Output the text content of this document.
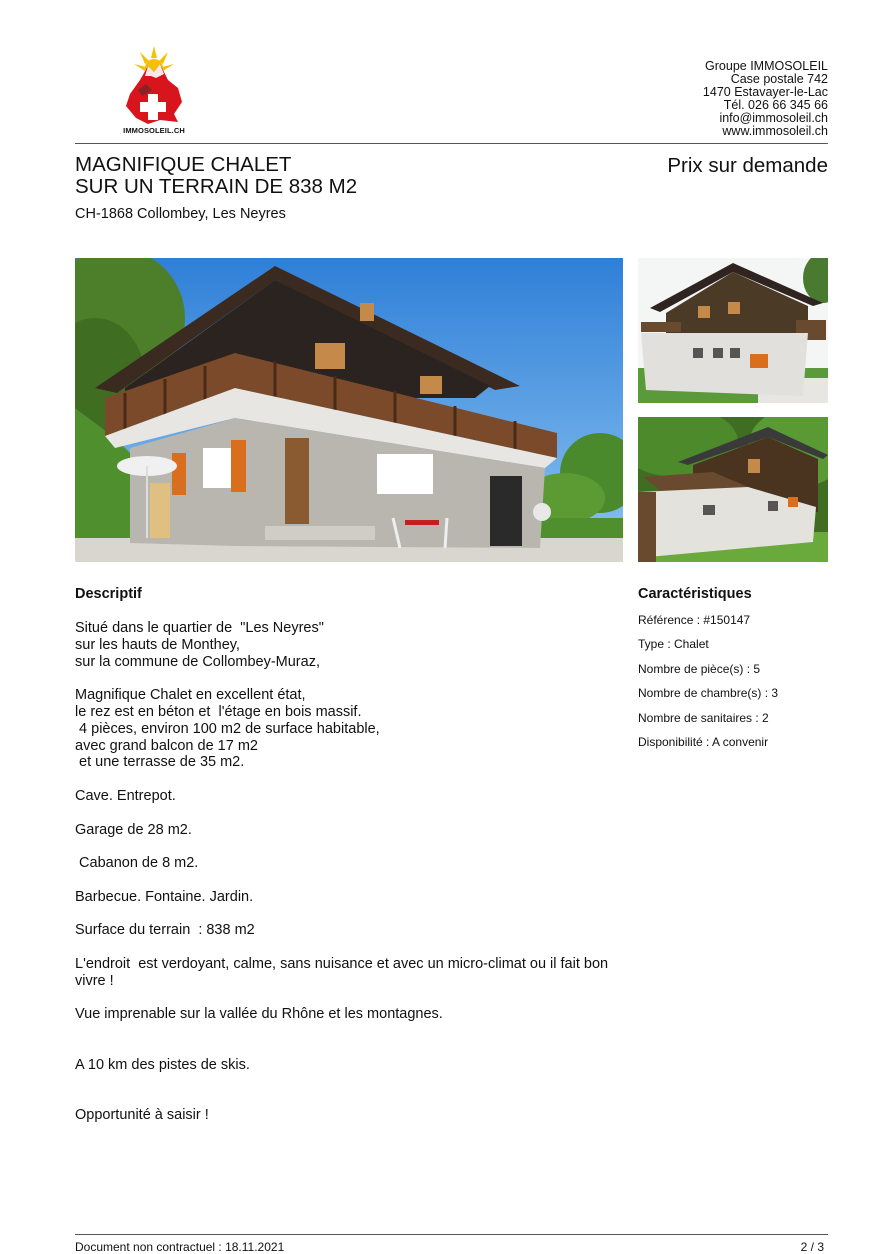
IMMOSOLEIL.CH
Groupe IMMOSOLEIL
Case postale 742
1470 Estavayer-le-Lac
Tél. 026 66 345 66
info@immosoleil.ch
www.immosoleil.ch
MAGNIFIQUE CHALET
SUR UN TERRAIN DE 838 M2
Prix sur demande
CH-1868 Collombey, Les Neyres
Descriptif

Situé dans le quartier de  "Les Neyres"
sur les hauts de Monthey,
sur la commune de Collombey-Muraz,

Magnifique Chalet en excellent état,
le rez est en béton et  l'étage en bois massif.
4 pièces, environ 100 m2 de surface habitable,
avec grand balcon de 17 m2
et une terrasse de 35 m2.

Cave. Entrepot.

Garage de 28 m2.

Cabanon de 8 m2.

Barbecue. Fontaine. Jardin.

Surface du terrain  : 838 m2

L'endroit  est verdoyant, calme, sans nuisance et avec un micro-climat ou il fait bon vivre !

Vue imprenable sur la vallée du Rhône et les montagnes.

A 10 km des pistes de skis.

Opportunité à saisir !

Caractéristiques
Référence : #150147
Type : Chalet
Nombre de pièce(s) : 5
Nombre de chambre(s) : 3
Nombre de sanitaires : 2
Disponibilité : A convenir
Document non contractuel : 18.11.2021	2 / 3
